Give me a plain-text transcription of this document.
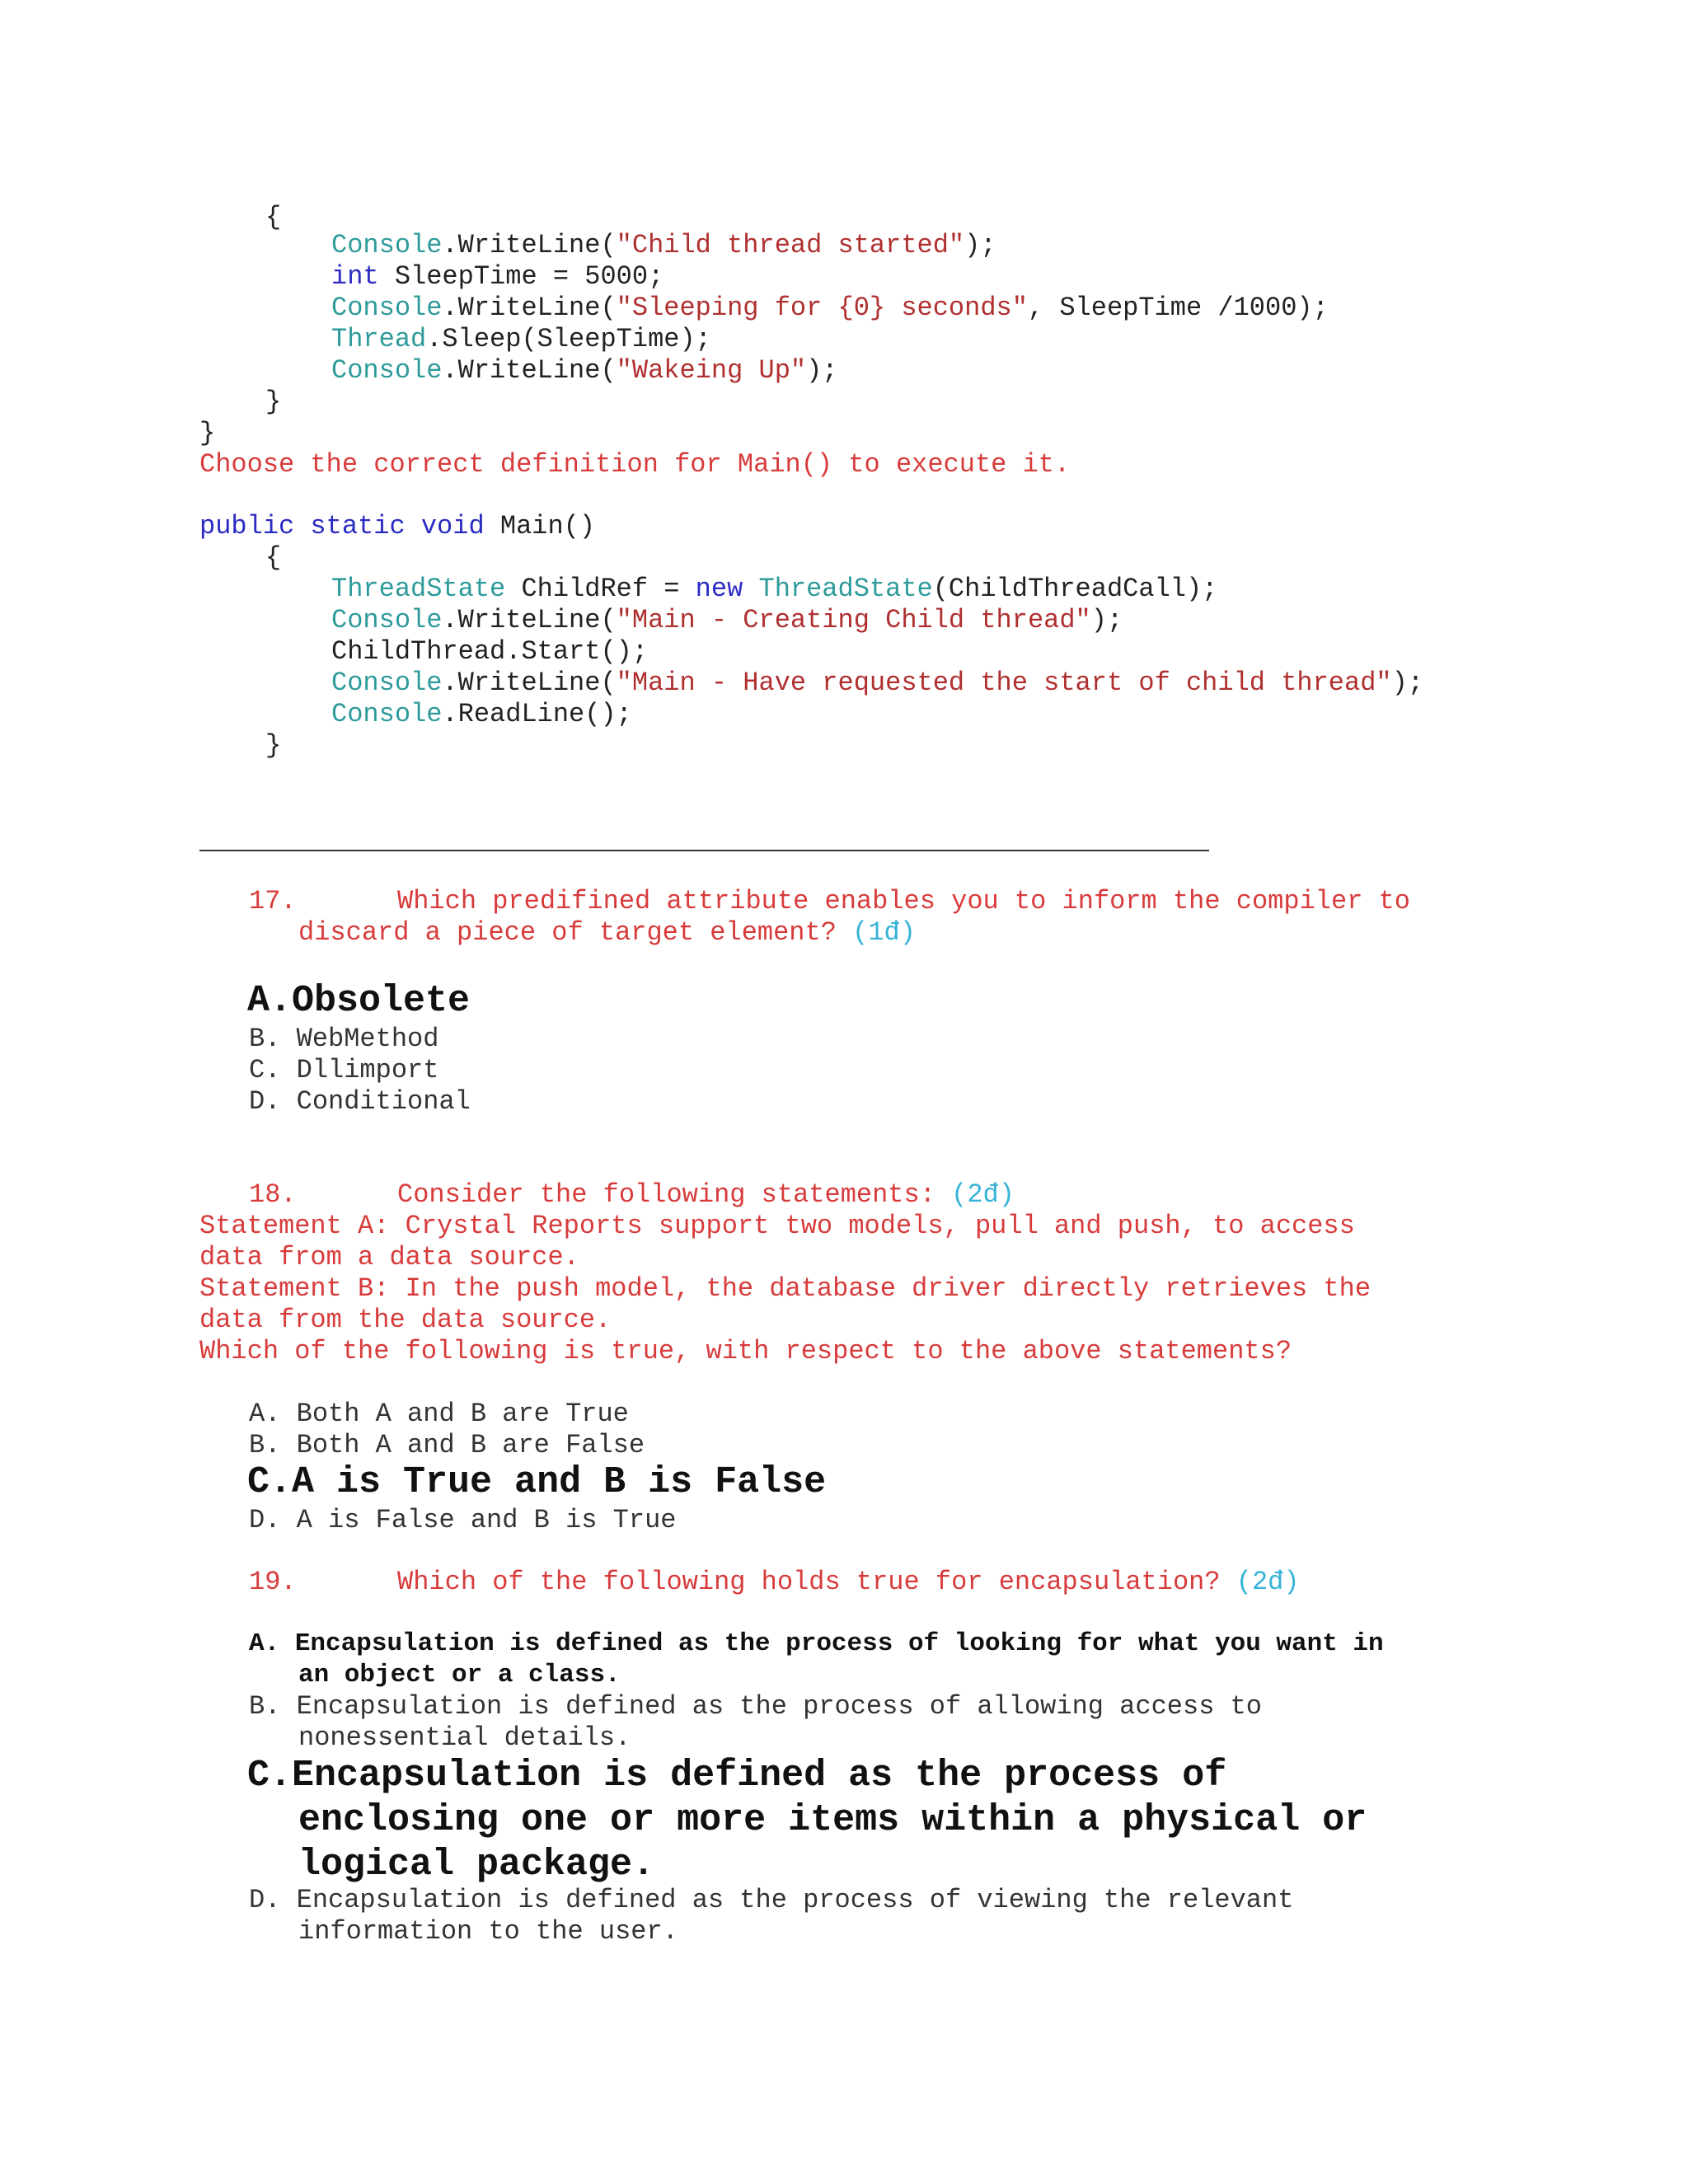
{

Console.WriteLine("Child thread started");

int SleepTime = 5000;

Console.WriteLine("Sleeping for {0} seconds", SleepTime /1000);

Thread.Sleep(SleepTime);

Console.WriteLine("Wakeing Up");

}

}

Choose the correct definition for Main() to execute it.

public static void Main()

{

ThreadState ChildRef = new ThreadState(ChildThreadCall);

Console.WriteLine("Main - Creating Child thread");

ChildThread.Start();

Console.WriteLine("Main - Have requested the start of child thread");

Console.ReadLine();

}

17.	Which predifined attribute enables you to inform the compiler to

discard a piece of target element? (1đ)

A.Obsolete

B. WebMethod

C. Dllimport

D. Conditional

18.	Consider the following statements: (2đ)

Statement A: Crystal Reports support two models, pull and push, to access

data from a data source.

Statement B: In the push model, the database driver directly retrieves the

data from the data source.

Which of the following is true, with respect to the above statements?

A. Both A and B are True

B. Both A and B are False

C.A is True and B is False

D. A is False and B is True

19.	Which of the following holds true for encapsulation? (2đ)

A. Encapsulation is defined as the process of looking for what you want in

an object or a class.

B. Encapsulation is defined as the process of allowing access to

nonessential details.

C.Encapsulation is defined as the process of

enclosing one or more items within a physical or

logical package.

D. Encapsulation is defined as the process of viewing the relevant

information to the user.
